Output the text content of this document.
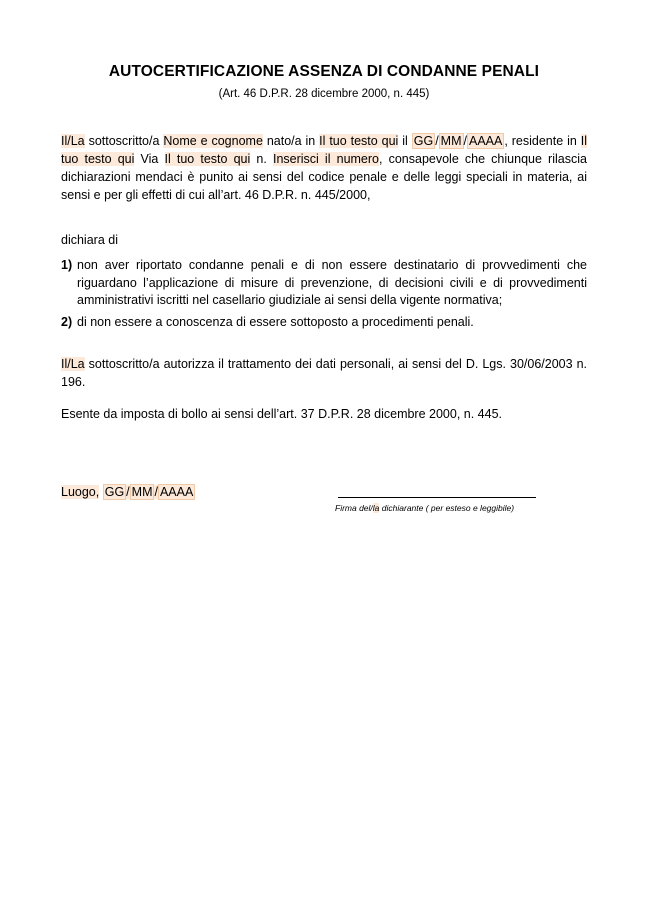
AUTOCERTIFICAZIONE ASSENZA DI CONDANNE PENALI
(Art. 46 D.P.R. 28 dicembre 2000, n. 445)
Il/La sottoscritto/a Nome e cognome nato/a in Il tuo testo qui il GG / MM / AAAA , residente in Il tuo testo qui Via Il tuo testo qui n. Inserisci il numero, consapevole che chiunque rilascia dichiarazioni mendaci è punito ai sensi del codice penale e delle leggi speciali in materia, ai sensi e per gli effetti di cui all’art. 46 D.P.R. n. 445/2000,
dichiara di
1) non aver riportato condanne penali e di non essere destinatario di provvedimenti che riguardano l’applicazione di misure di prevenzione, di decisioni civili e di provvedimenti amministrativi iscritti nel casellario giudiziale ai sensi della vigente normativa;
2) di non essere a conoscenza di essere sottoposto a procedimenti penali.
Il/La sottoscritto/a autorizza il trattamento dei dati personali, ai sensi del D. Lgs. 30/06/2003 n. 196.
Esente da imposta di bollo ai sensi dell’art. 37 D.P.R. 28 dicembre 2000, n. 445.
Luogo, GG / MM / AAAA
Firma del/la dichiarante ( per esteso e leggibile)
